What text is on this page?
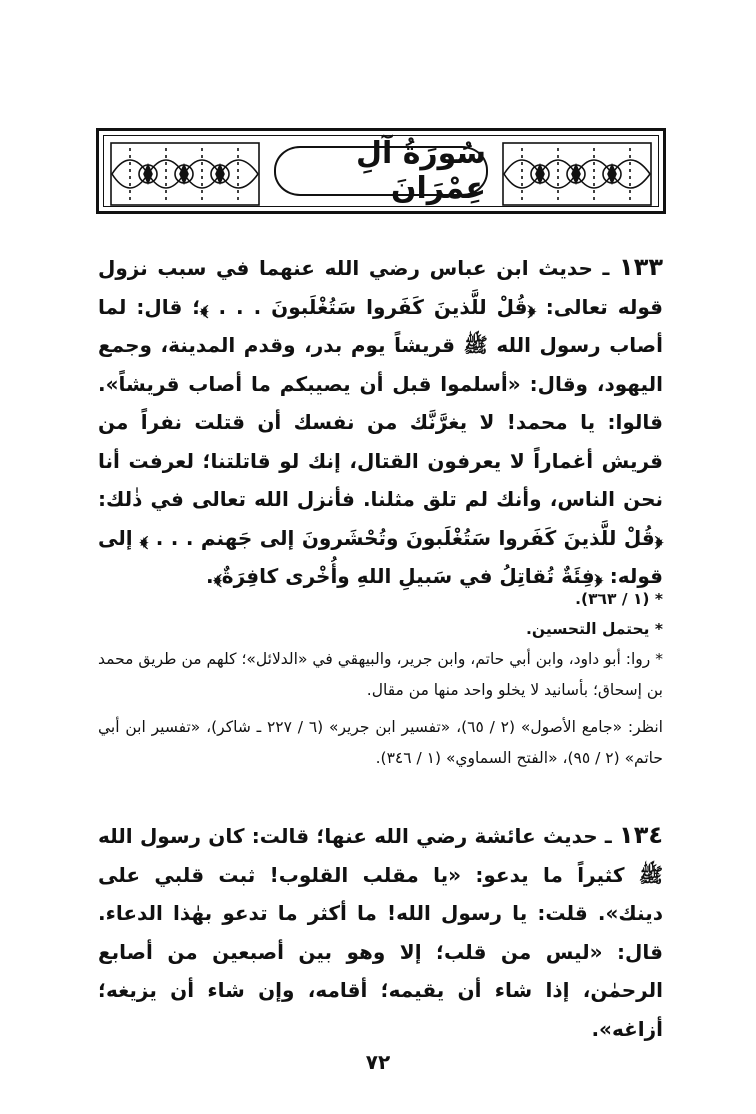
سُورَةُ آلِ عِمْرَانَ

١٣٣ ـ حديث ابن عباس رضي الله عنهما في سبب نزول قوله تعالى: ﴿قُلْ للَّذينَ كَفَروا سَتُغْلَبونَ . . . ﴾؛ قال: لما أصاب رسول الله ﷺ قريشاً يوم بدر، وقدم المدينة، وجمع اليهود، وقال: «أسلموا قبل أن يصيبكم ما أصاب قريشاً». قالوا: يا محمد! لا يغرَّنَّك من نفسك أن قتلت نفراً من قريش أغماراً لا يعرفون القتال، إنك لو قاتلتنا؛ لعرفت أنا نحن الناس، وأنك لم تلق مثلنا. فأنزل الله تعالى في ذٰلك: ﴿قُلْ للَّذينَ كَفَروا سَتُغْلَبونَ وتُحْشَرونَ إلى جَهنم . . . ﴾ إلى قوله: ﴿فِئَةٌ تُقاتِلُ في سَبيلِ اللهِ وأُخْرى كافِرَةٌ﴾.

* (١ / ٣٦٣).
* يحتمل التحسين.
* روا: أبو داود، وابن أبي حاتم، وابن جرير، والبيهقي في «الدلائل»؛ كلهم من طريق محمد بن إسحاق؛ بأسانيد لا يخلو واحد منها من مقال.
انظر: «جامع الأصول» (٢ / ٦٥)، «تفسير ابن جرير» (٦ / ٢٢٧ ـ شاكر)، «تفسير ابن أبي حاتم» (٢ / ٩٥)، «الفتح السماوي» (١ / ٣٤٦).

١٣٤ ـ حديث عائشة رضي الله عنها؛ قالت: كان رسول الله ﷺ كثيراً ما يدعو: «يا مقلب القلوب! ثبت قلبي على دينك». قلت: يا رسول الله! ما أكثر ما تدعو بهٰذا الدعاء. قال: «ليس من قلب؛ إلا وهو بين أصبعين من أصابع الرحمٰن، إذا شاء أن يقيمه؛ أقامه، وإن شاء أن يزيغه؛ أزاغه».

٧٢
